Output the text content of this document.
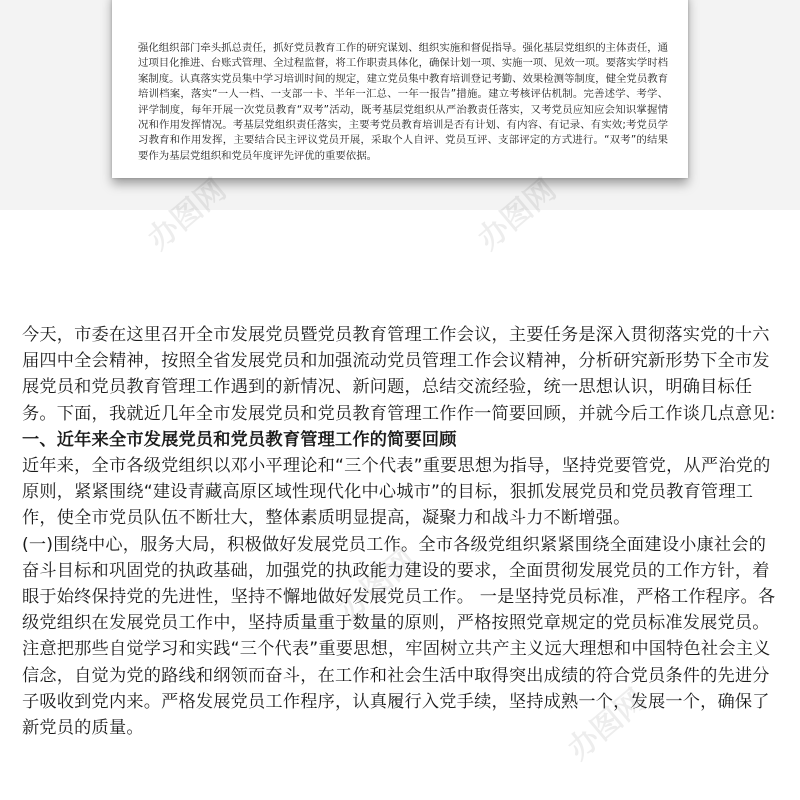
强化组织部门牵头抓总责任，抓好党员教育工作的研究谋划、组织实施和督促指导。强化基层党组织的主体责任，通过项目化推进、台账式管理、全过程监督，将工作职责具体化，确保计划一项、实施一项、见效一项。要落实学时档案制度。认真落实党员集中学习培训时间的规定，建立党员集中教育培训登记考勤、效果检测等制度，健全党员教育培训档案，落实“一人一档、一支部一卡、半年一汇总、一年一报告”措施。建立考核评估机制。完善述学、考学、评学制度，每年开展一次党员教育“双考”活动，既考基层党组织从严治教责任落实，又考党员应知应会知识掌握情况和作用发挥情况。考基层党组织责任落实，主要考党员教育培训是否有计划、有内容、有记录、有实效;考党员学习教育和作用发挥，主要结合民主评议党员开展，采取个人自评、党员互评、支部评定的方式进行。“双考”的结果要作为基层党组织和党员年度评先评优的重要依据。

办图网	办图网
办图网
办图网

今天，市委在这里召开全市发展党员暨党员教育管理工作会议，主要任务是深入贯彻落实党的十六届四中全会精神，按照全省发展党员和加强流动党员管理工作会议精神，分析研究新形势下全市发展党员和党员教育管理工作遇到的新情况、新问题，总结交流经验，统一思想认识，明确目标任务。下面，我就近几年全市发展党员和党员教育管理工作作一简要回顾，并就今后工作谈几点意见:

一、近年来全市发展党员和党员教育管理工作的简要回顾

近年来，全市各级党组织以邓小平理论和“三个代表”重要思想为指导，坚持党要管党，从严治党的原则，紧紧围绕“建设青藏高原区域性现代化中心城市”的目标，狠抓发展党员和党员教育管理工作，使全市党员队伍不断壮大，整体素质明显提高，凝聚力和战斗力不断增强。

(一)围绕中心，服务大局，积极做好发展党员工作。全市各级党组织紧紧围绕全面建设小康社会的奋斗目标和巩固党的执政基础，加强党的执政能力建设的要求，全面贯彻发展党员的工作方针，着眼于始终保持党的先进性，坚持不懈地做好发展党员工作。 一是坚持党员标准，严格工作程序。各级党组织在发展党员工作中，坚持质量重于数量的原则，严格按照党章规定的党员标准发展党员。注意把那些自觉学习和实践“三个代表”重要思想，牢固树立共产主义远大理想和中国特色社会主义信念，自觉为党的路线和纲领而奋斗，在工作和社会生活中取得突出成绩的符合党员条件的先进分子吸收到党内来。严格发展党员工作程序，认真履行入党手续，坚持成熟一个，发展一个，确保了新党员的质量。
